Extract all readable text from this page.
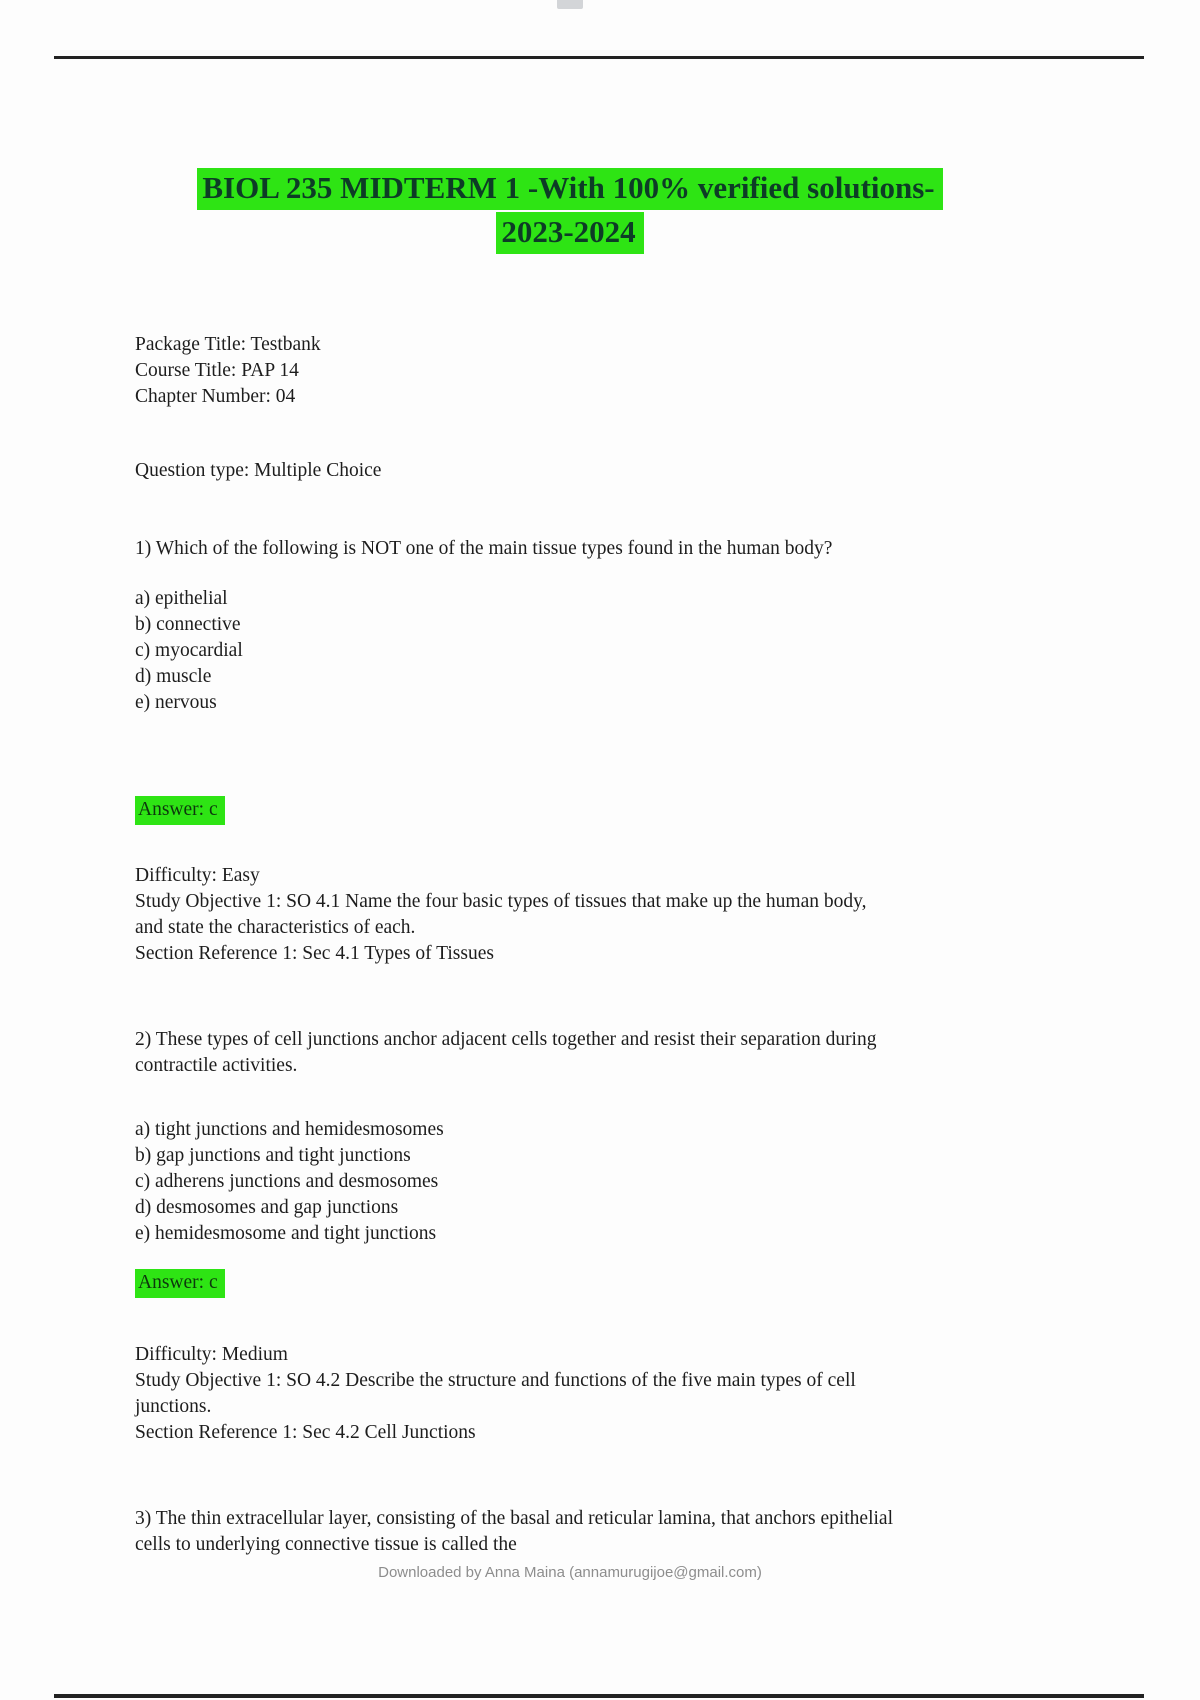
BIOL 235 MIDTERM 1 -With 100% verified solutions-
2023-2024
Package Title: Testbank
Course Title: PAP 14
Chapter Number: 04
Question type: Multiple Choice
1) Which of the following is NOT one of the main tissue types found in the human body?
a) epithelial
b) connective
c) myocardial
d) muscle
e) nervous
Answer: c
Difficulty: Easy
Study Objective 1: SO 4.1 Name the four basic types of tissues that make up the human body,
and state the characteristics of each.
Section Reference 1: Sec 4.1 Types of Tissues
2) These types of cell junctions anchor adjacent cells together and resist their separation during
contractile activities.
a) tight junctions and hemidesmosomes
b) gap junctions and tight junctions
c) adherens junctions and desmosomes
d) desmosomes and gap junctions
e) hemidesmosome and tight junctions
Answer: c
Difficulty: Medium
Study Objective 1: SO 4.2 Describe the structure and functions of the five main types of cell
junctions.
Section Reference 1: Sec 4.2 Cell Junctions
3) The thin extracellular layer, consisting of the basal and reticular lamina, that anchors epithelial
cells to underlying connective tissue is called the
Downloaded by Anna Maina (annamurugijoe@gmail.com)
